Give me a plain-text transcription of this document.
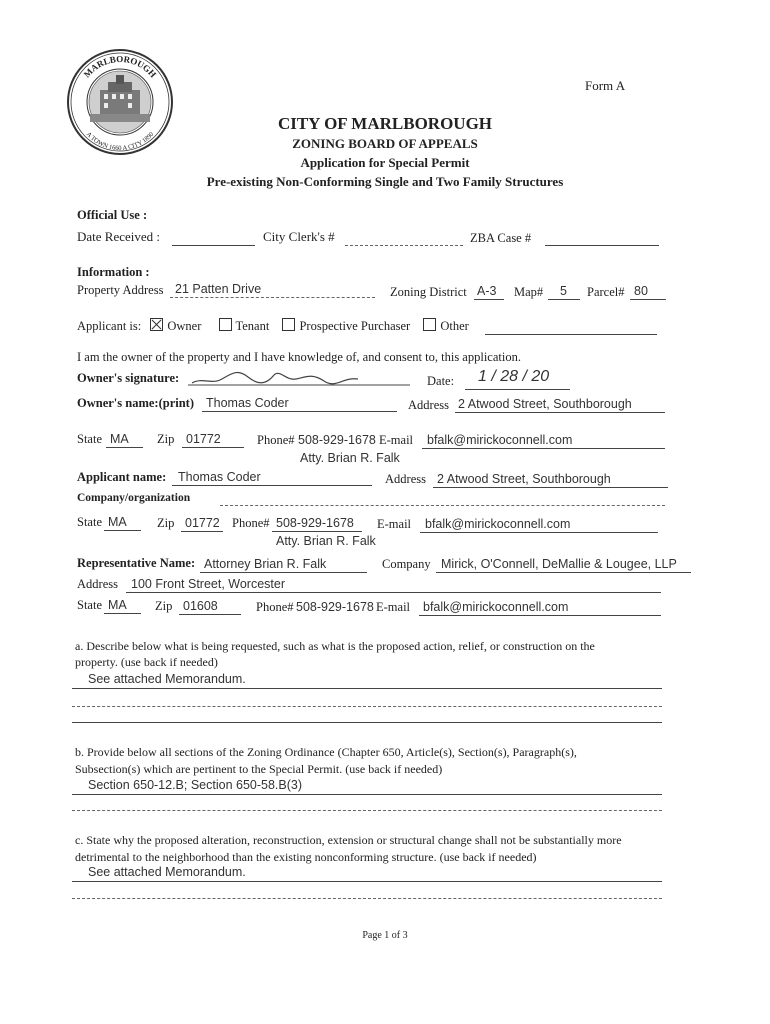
MARLBOROUGH
A TOWN 1660 A CITY 1890
Form A
CITY OF MARLBOROUGH
ZONING BOARD OF APPEALS
Application for Special Permit
Pre-existing Non-Conforming Single and Two Family Structures
Official Use :
Date Received :	City Clerk's #	ZBA Case #
Information :
Property Address 21 Patten Drive	Zoning District A-3 Map# 5 Parcel# 80
Applicant is: Owner	Tenant Prospective Purchaser Other
I am the owner of the property and I have knowledge of, and consent to, this application.
Owner's signature:	Date: 1 / 28 / 20
Owner's name:(print) Thomas Coder	Address 2 Atwood Street, Southborough
State MA Zip 01772	Phone# 508-929-1678 E-mail bfalk@mirickoconnell.com
Atty. Brian R. Falk
Applicant name: Thomas Coder	Address 2 Atwood Street, Southborough
Company/organization
State MA Zip 01772 Phone# 508-929-1678 E-mail bfalk@mirickoconnell.com
Atty. Brian R. Falk
Representative Name: Attorney Brian R. Falk	Company Mirick, O'Connell, DeMallie & Lougee, LLP
Address 100 Front Street, Worcester
State MA Zip 01608	Phone# 508-929-1678 E-mail bfalk@mirickoconnell.com
a. Describe below what is being requested, such as what is the proposed action, relief, or construction on the
property. (use back if needed)
See attached Memorandum.
b. Provide below all sections of the Zoning Ordinance (Chapter 650, Article(s), Section(s), Paragraph(s),
Subsection(s) which are pertinent to the Special Permit. (use back if needed)
Section 650-12.B; Section 650-58.B(3)
c. State why the proposed alteration, reconstruction, extension or structural change shall not be substantially more
detrimental to the neighborhood than the existing nonconforming structure. (use back if needed)
See attached Memorandum.
Page 1 of 3
